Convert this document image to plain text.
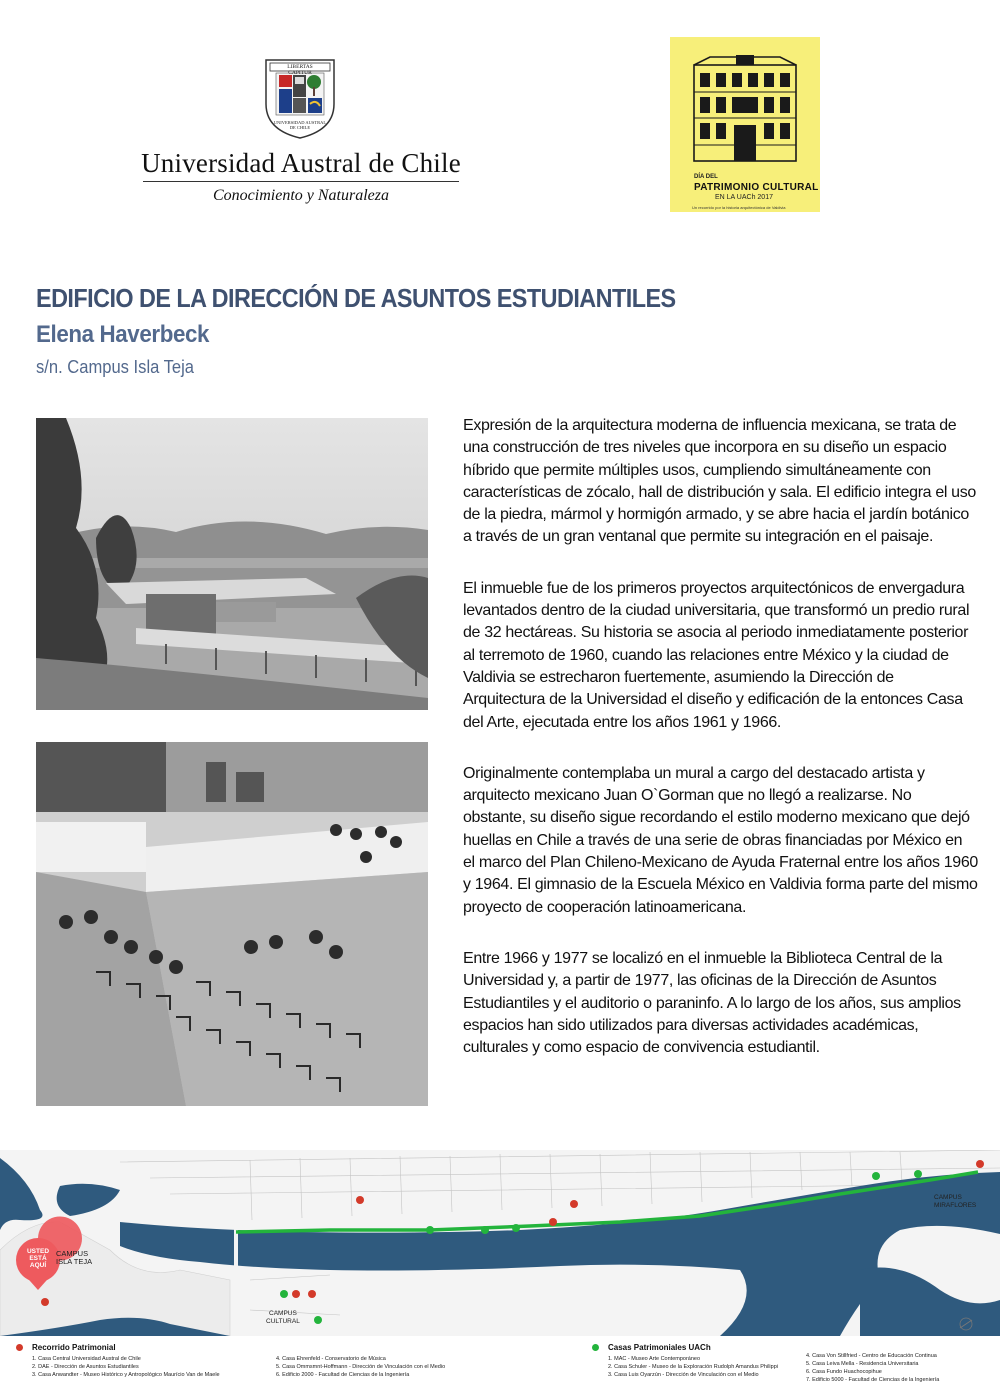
LIBERTAS CAPITUR
UNIVERSIDAD AUSTRAL DE CHILE
Universidad Austral de Chile
Conocimiento y Naturaleza
DÍA DEL
PATRIMONIO CULTURAL
EN LA UACh 2017
Un recorrido por la historia arquitectónica de Valdivia
EDIFICIO DE LA DIRECCIÓN DE ASUNTOS ESTUDIANTILES
Elena Haverbeck
s/n. Campus Isla Teja

Expresión de la arquitectura moderna de influencia mexicana, se trata de una construcción de tres niveles que incorpora en su diseño un espacio híbrido que permite múltiples usos, cumpliendo simultáneamente con características de zócalo, hall de distribución y sala. El edificio integra el uso de la piedra, mármol y hormigón armado, y se abre hacia el jardín botánico a través de un gran ventanal que permite su integración en el paisaje.

El inmueble fue de los primeros proyectos arquitectónicos de envergadura levantados dentro de la ciudad universitaria, que transformó un predio rural de 32 hectáreas. Su historia se asocia al periodo inmediatamente posterior al terremoto de 1960, cuando las relaciones entre México y la ciudad de Valdivia se estrecharon fuertemente, asumiendo la Dirección de Arquitectura de la Universidad el diseño y edificación de la entonces Casa del Arte, ejecutada entre los años 1961 y 1966.

Originalmente contemplaba un mural a cargo del destacado artista y arquitecto mexicano Juan O`Gorman que no llegó a realizarse. No obstante, su diseño sigue recordando el estilo moderno mexicano que dejó huellas en Chile a través de una serie de obras financiadas por México en el marco del Plan Chileno-Mexicano de Ayuda Fraternal entre los años 1960 y 1964. El gimnasio de la Escuela México en Valdivia forma parte del mismo proyecto de cooperación latinoamericana.

Entre 1966 y 1977 se localizó en el inmueble la Biblioteca Central de la Universidad y, a partir de 1977, las oficinas de la Dirección de Asuntos Estudiantiles y el auditorio o paraninfo. A lo largo de los años, sus amplios espacios han sido utilizados para diversas actividades académicas, culturales y como espacio de convivencia estudiantil.

USTED
ESTÁ
AQUÍ
CAMPUS
ISLA TEJA
CAMPUS
CULTURAL
CAMPUS
MIRAFLORES
Recorrido Patrimonial
1. Casa Central Universidad Austral de Chile
2. DAE - Dirección de Asuntos Estudiantiles
3. Casa Anwandter - Museo Histórico y Antropológico Maurício Van de Maele
4. Casa Ehrenfeld - Conservatorio de Música
5. Casa Ommsmnt-Hoffmann - Dirección de Vinculación con el Medio
6. Edificio 2000 - Facultad de Ciencias de la Ingeniería
Casas Patrimoniales UACh
1. MAC - Museo Arte Contemporáneo
2. Casa Schuler - Museo de la Exploración Rudolph Amandus Philippi
3. Casa Luis Oyarzún - Dirección de Vinculación con el Medio
4. Casa Von Stillfried - Centro de Educación Continua
5. Casa Leiva Mella - Residencia Universitaria
6. Casa Fundo Huachocopihue
7. Edificio 5000 - Facultad de Ciencias de la Ingeniería
